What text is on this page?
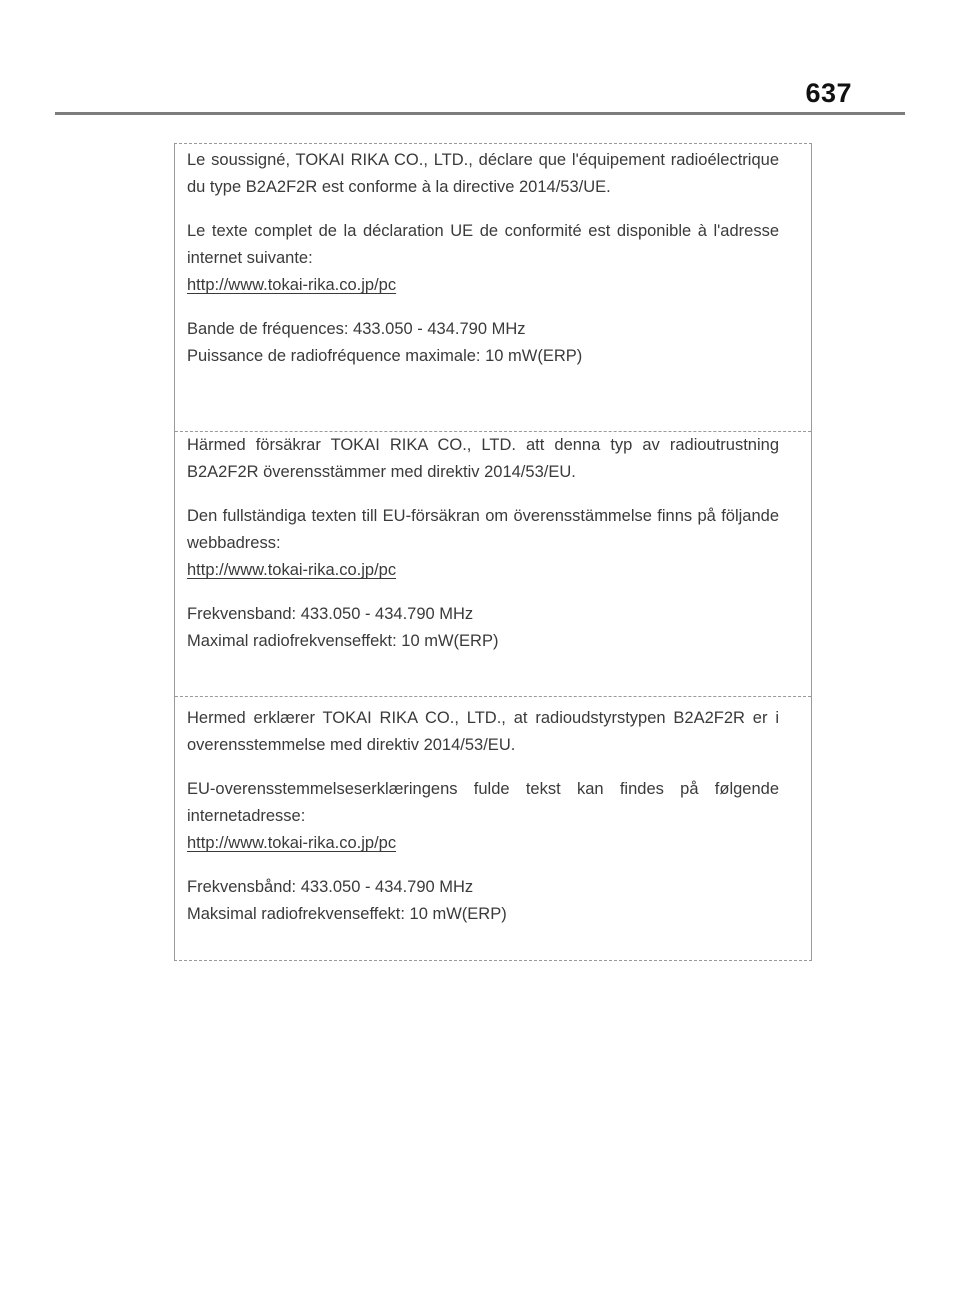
637

Le soussigné, TOKAI RIKA CO., LTD., déclare que l'équipement radioélectrique du type B2A2F2R est conforme à la directive 2014/53/UE.

Le texte complet de la déclaration UE de conformité est disponible à l'adresse internet suivante:

http://www.tokai-rika.co.jp/pc

Bande de fréquences: 433.050 - 434.790 MHz

Puissance de radiofréquence maximale: 10 mW(ERP)

Härmed försäkrar TOKAI RIKA CO., LTD. att denna typ av radioutrustning B2A2F2R överensstämmer med direktiv 2014/53/EU.

Den fullständiga texten till EU-försäkran om överensstämmelse finns på följande webbadress:

http://www.tokai-rika.co.jp/pc

Frekvensband: 433.050 - 434.790 MHz

Maximal radiofrekvenseffekt: 10 mW(ERP)

Hermed erklærer TOKAI RIKA CO., LTD., at radioudstyrstypen B2A2F2R er i overensstemmelse med direktiv 2014/53/EU.

EU-overensstemmelseserklæringens fulde tekst kan findes på følgende internetadresse:

http://www.tokai-rika.co.jp/pc

Frekvensbånd: 433.050 - 434.790 MHz

Maksimal radiofrekvenseffekt: 10 mW(ERP)
